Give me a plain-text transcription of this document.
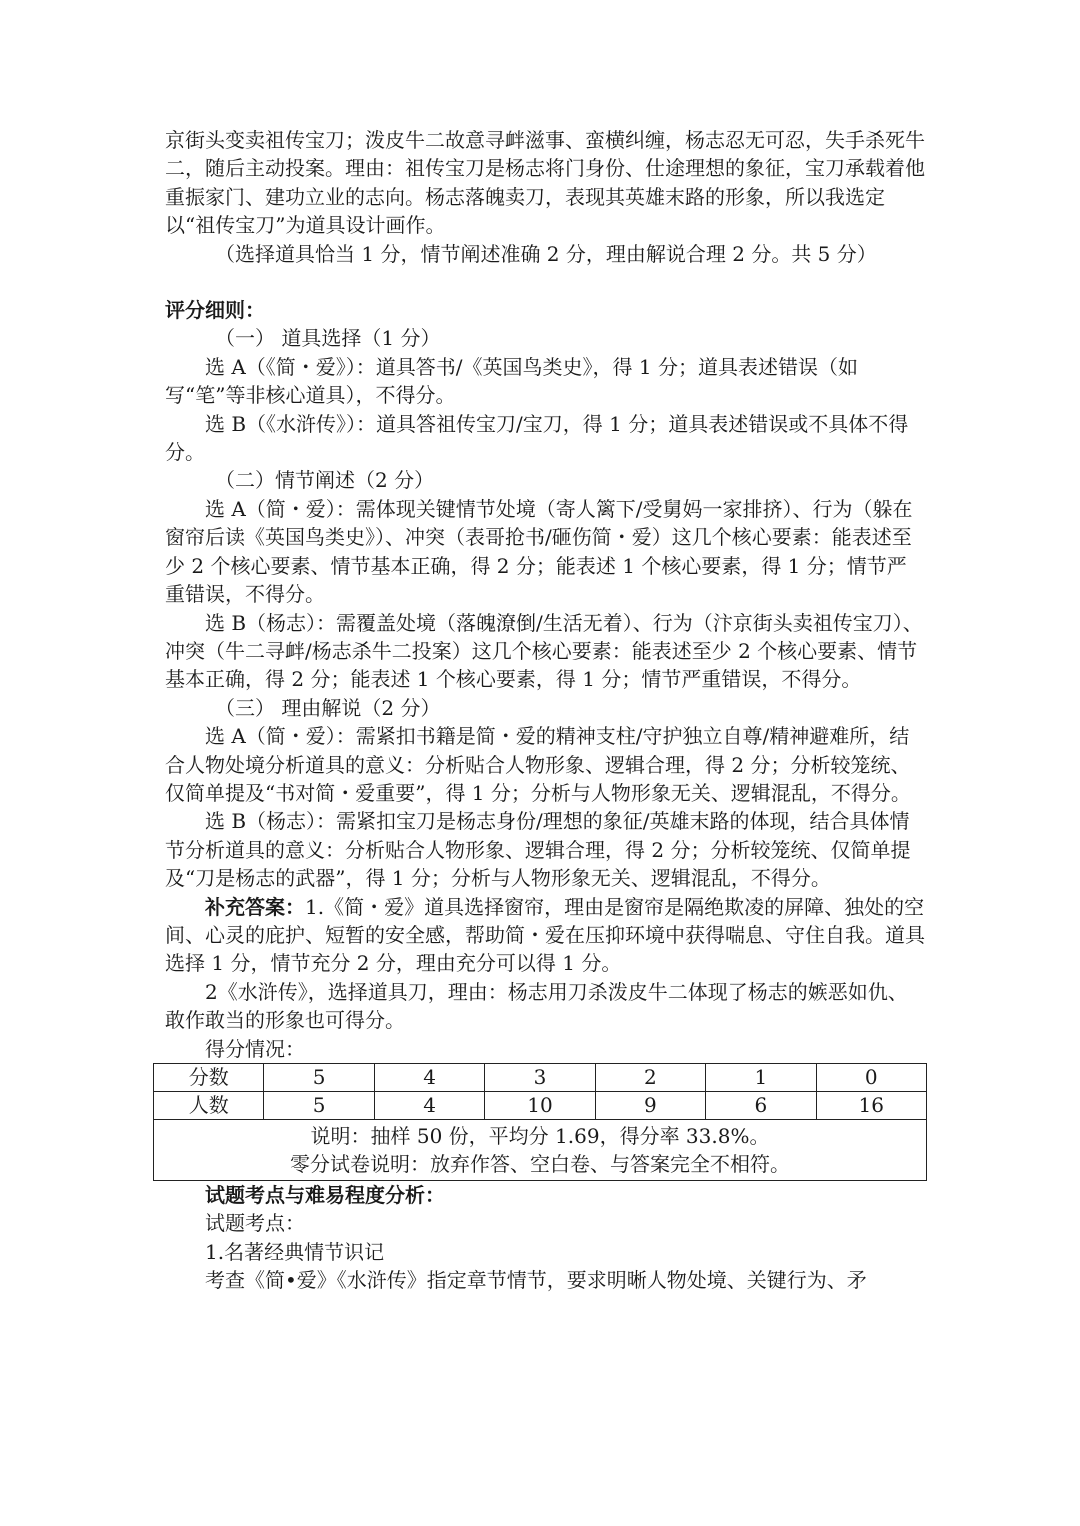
京街头变卖祖传宝刀；泼皮牛二故意寻衅滋事、蛮横纠缠，杨志忍无可忍，失手杀死牛二，随后主动投案。理由：祖传宝刀是杨志将门身份、仕途理想的象征，宝刀承载着他重振家门、建功立业的志向。杨志落魄卖刀，表现其英雄末路的形象，所以我选定以“祖传宝刀”为道具设计画作。

（选择道具恰当 1 分，情节阐述准确 2 分，理由解说合理 2 分。共 5 分）

评分细则：

（一） 道具选择（1 分）

选 A（《简・爱》）：道具答书/《英国鸟类史》，得 1 分；道具表述错误（如写“笔”等非核心道具），不得分。

选 B（《水浒传》）：道具答祖传宝刀/宝刀，得 1 分；道具表述错误或不具体不得分。

（二）情节阐述（2 分）

选 A（简・爱）：需体现关键情节处境（寄人篱下/受舅妈一家排挤）、行为（躲在窗帘后读《英国鸟类史》）、冲突（表哥抢书/砸伤简・爱）这几个核心要素：能表述至少 2 个核心要素、情节基本正确，得 2 分；能表述 1 个核心要素，得 1 分；情节严重错误，不得分。

选 B（杨志）：需覆盖处境（落魄潦倒/生活无着）、行为（汴京街头卖祖传宝刀）、冲突（牛二寻衅/杨志杀牛二投案）这几个核心要素：能表述至少 2 个核心要素、情节基本正确，得 2 分；能表述 1 个核心要素，得 1 分；情节严重错误，不得分。

（三） 理由解说（2 分）

选 A（简・爱）：需紧扣书籍是简・爱的精神支柱/守护独立自尊/精神避难所，结合人物处境分析道具的意义：分析贴合人物形象、逻辑合理，得 2 分；分析较笼统、仅简单提及“书对简・爱重要”，得 1 分；分析与人物形象无关、逻辑混乱，不得分。

选 B（杨志）：需紧扣宝刀是杨志身份/理想的象征/英雄末路的体现，结合具体情节分析道具的意义：分析贴合人物形象、逻辑合理，得 2 分；分析较笼统、仅简单提及“刀是杨志的武器”，得 1 分；分析与人物形象无关、逻辑混乱，不得分。

补充答案：1.《简・爱》道具选择窗帘，理由是窗帘是隔绝欺凌的屏障、独处的空间、心灵的庇护、短暂的安全感，帮助简・爱在压抑环境中获得喘息、守住自我。道具选择 1 分，情节充分 2 分，理由充分可以得 1 分。

2《水浒传》，选择道具刀，理由：杨志用刀杀泼皮牛二体现了杨志的嫉恶如仇、敢作敢当的形象也可得分。

得分情况：

分数	5	4	3	2	1	0
人数	5	4	10	9	6	16

说明：抽样 50 份，平均分 1.69，得分率 33.8%。
零分试卷说明：放弃作答、空白卷、与答案完全不相符。						

试题考点与难易程度分析：

试题考点：

1.名著经典情节识记

考查《简•爱》《水浒传》指定章节情节，要求明晰人物处境、关键行为、矛
